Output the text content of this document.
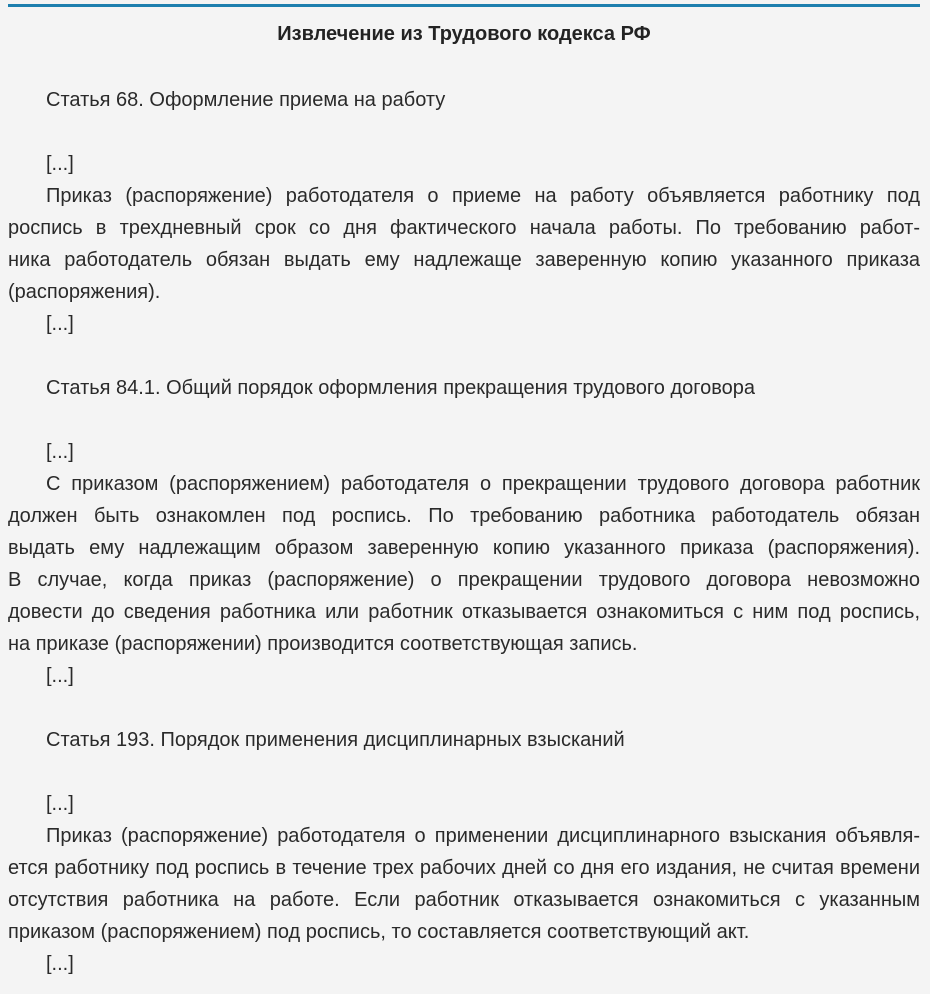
Извлечение из Трудового кодекса РФ
Статья 68. Оформление приема на работу
[...]
Приказ (распоряжение) работодателя о приеме на работу объявляется работнику под
роспись в трехдневный срок со дня фактического начала работы. По требованию работ-
ника работодатель обязан выдать ему надлежаще заверенную копию указанного приказа
(распоряжения).
[...]
Статья 84.1. Общий порядок оформления прекращения трудового договора
[...]
С приказом (распоряжением) работодателя о прекращении трудового договора работник
должен быть ознакомлен под роспись. По требованию работника работодатель обязан
выдать ему надлежащим образом заверенную копию указанного приказа (распоряжения).
В случае, когда приказ (распоряжение) о прекращении трудового договора невозможно
довести до сведения работника или работник отказывается ознакомиться с ним под роспись,
на приказе (распоряжении) производится соответствующая запись.
[...]
Статья 193. Порядок применения дисциплинарных взысканий
[...]
Приказ (распоряжение) работодателя о применении дисциплинарного взыскания объявля-
ется работнику под роспись в течение трех рабочих дней со дня его издания, не считая времени
отсутствия работника на работе. Если работник отказывается ознакомиться с указанным
приказом (распоряжением) под роспись, то составляется соответствующий акт.
[...]
